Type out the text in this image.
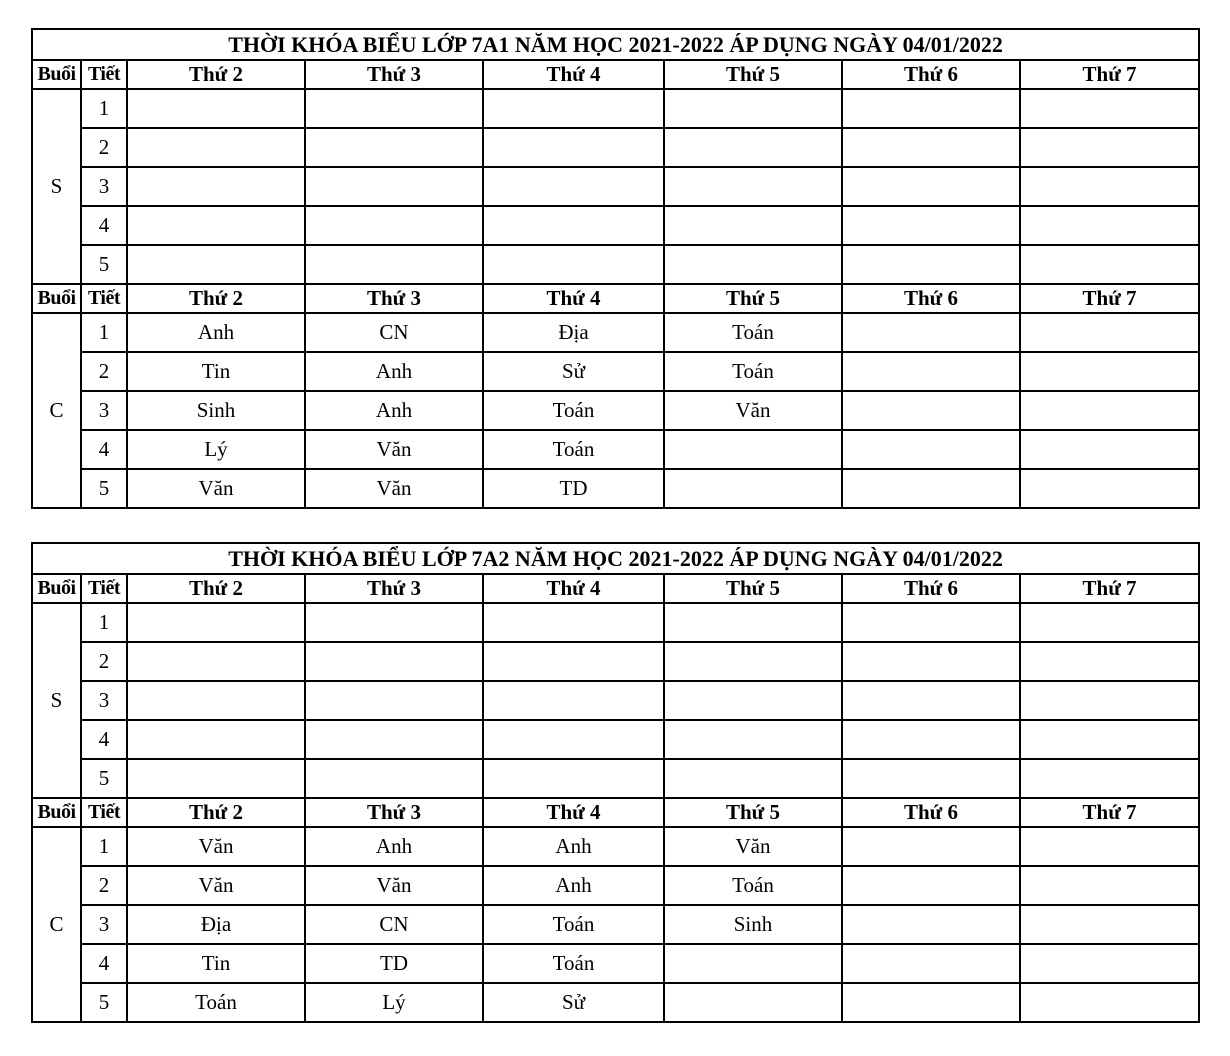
THỜI KHÓA BIỂU LỚP 7A1 NĂM HỌC 2021-2022 ÁP DỤNG NGÀY 04/01/2022							
Buổi	Tiết	Thứ 2	Thứ 3	Thứ 4	Thứ 5	Thứ 6	Thứ 7
S	1						
	2						
	3						
	4						
	5						
Buổi	Tiết	Thứ 2	Thứ 3	Thứ 4	Thứ 5	Thứ 6	Thứ 7
C	1	Anh	CN	Địa	Toán		
	2	Tin	Anh	Sử	Toán		
	3	Sinh	Anh	Toán	Văn		
	4	Lý	Văn	Toán			
	5	Văn	Văn	TD			
THỜI KHÓA BIỂU LỚP 7A2 NĂM HỌC 2021-2022 ÁP DỤNG NGÀY 04/01/2022							
Buổi	Tiết	Thứ 2	Thứ 3	Thứ 4	Thứ 5	Thứ 6	Thứ 7
S	1						
	2						
	3						
	4						
	5						
Buổi	Tiết	Thứ 2	Thứ 3	Thứ 4	Thứ 5	Thứ 6	Thứ 7
C	1	Văn	Anh	Anh	Văn		
	2	Văn	Văn	Anh	Toán		
	3	Địa	CN	Toán	Sinh		
	4	Tin	TD	Toán			
	5	Toán	Lý	Sử			
